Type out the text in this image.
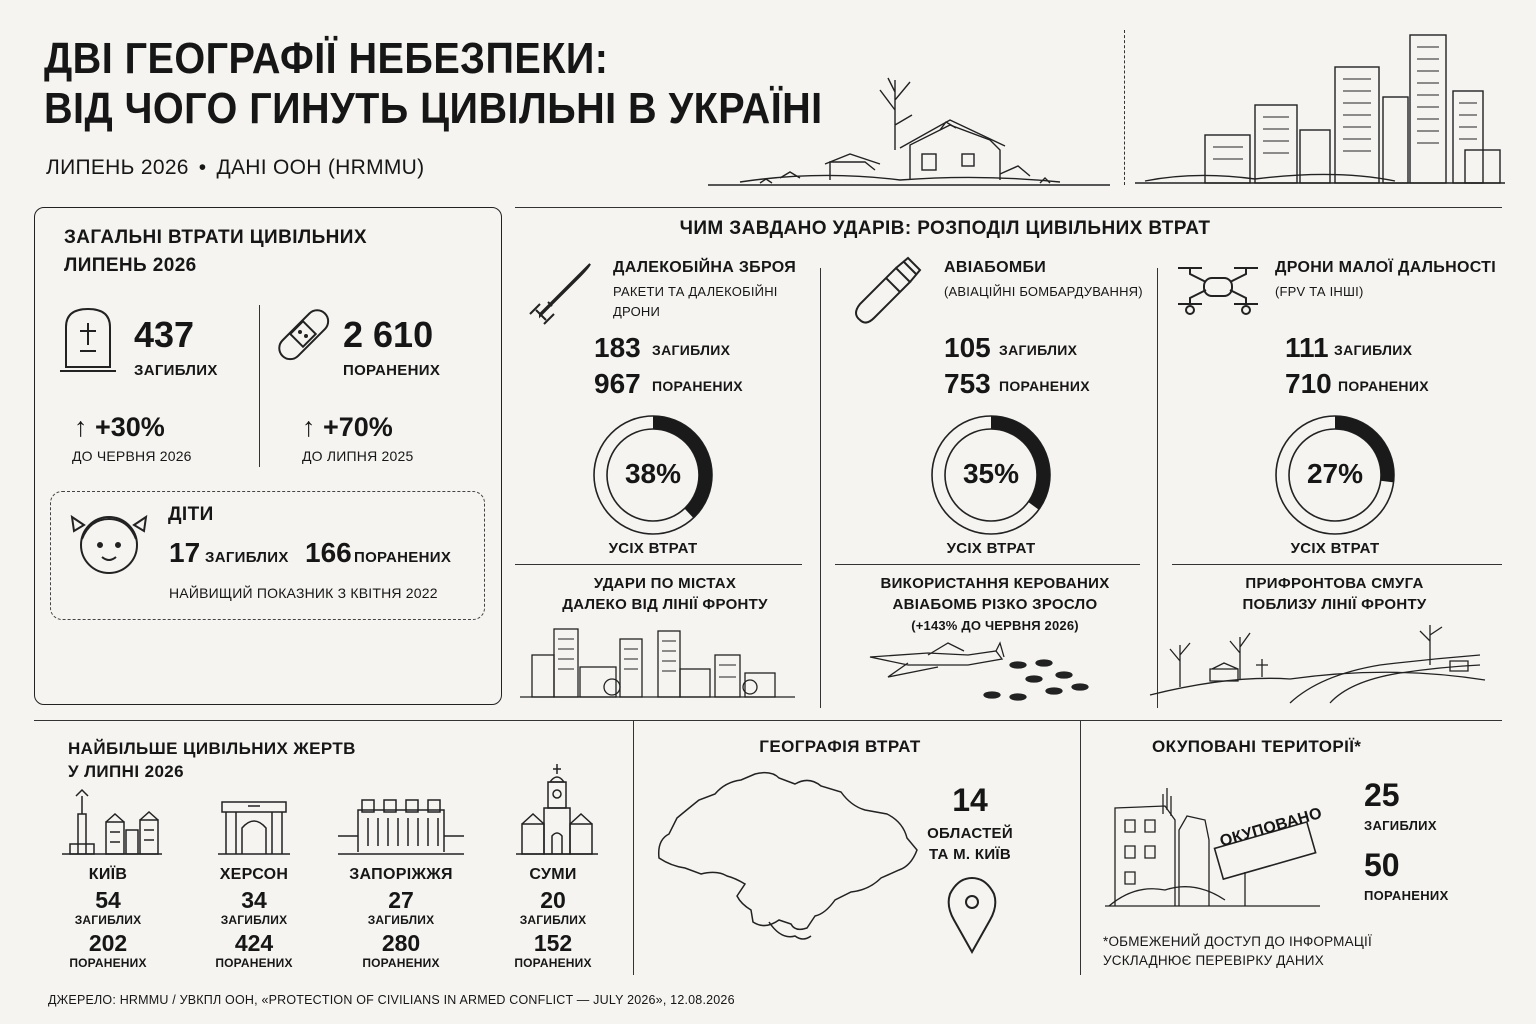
ДВІ ГЕОГРАФІЇ НЕБЕЗПЕКИ:
ВІД ЧОГО ГИНУТЬ ЦИВІЛЬНІ В УКРАЇНІ
ЛИПЕНЬ 2026 • ДАНІ ООН (HRMMU)
ЗАГАЛЬНІ ВТРАТИ ЦИВІЛЬНИХ
ЛИПЕНЬ 2026
437
ЗАГИБЛИХ
2 610
ПОРАНЕНИХ
↑ +30%
ДО ЧЕРВНЯ 2026
↑ +70%
ДО ЛИПНЯ 2025
ДІТИ
17 ЗАГИБЛИХ 166 ПОРАНЕНИХ
НАЙВИЩИЙ ПОКАЗНИК З КВІТНЯ 2022
ЧИМ ЗАВДАНО УДАРІВ: РОЗПОДІЛ ЦИВІЛЬНИХ ВТРАТ
ДАЛЕКОБІЙНА ЗБРОЯ
РАКЕТИ ТА ДАЛЕКОБІЙНІ
ДРОНИ
183 ЗАГИБЛИХ
967 ПОРАНЕНИХ
38%
УСІХ ВТРАТ
УДАРИ ПО МІСТАХ
ДАЛЕКО ВІД ЛІНІЇ ФРОНТУ
АВІАБОМБИ
(АВІАЦІЙНІ БОМБАРДУВАННЯ)
105 ЗАГИБЛИХ
753 ПОРАНЕНИХ
35%
УСІХ ВТРАТ
ВИКОРИСТАННЯ КЕРОВАНИХ
АВІАБОМБ РІЗКО ЗРОСЛО
(+143% ДО ЧЕРВНЯ 2026)
ДРОНИ МАЛОЇ ДАЛЬНОСТІ
(FPV ТА ІНШІ)
111 ЗАГИБЛИХ
710 ПОРАНЕНИХ
27%
УСІХ ВТРАТ
ПРИФРОНТОВА СМУГА
ПОБЛИЗУ ЛІНІЇ ФРОНТУ
НАЙБІЛЬШЕ ЦИВІЛЬНИХ ЖЕРТВ
У ЛИПНІ 2026
КИЇВ
54
ЗАГИБЛИХ
202
ПОРАНЕНИХ
ХЕРСОН
34
ЗАГИБЛИХ
424
ПОРАНЕНИХ
ЗАПОРІЖЖЯ
27
ЗАГИБЛИХ
280
ПОРАНЕНИХ
СУМИ
20
ЗАГИБЛИХ
152
ПОРАНЕНИХ
ГЕОГРАФІЯ ВТРАТ
14
ОБЛАСТЕЙ
ТА М. КИЇВ
ОКУПОВАНІ ТЕРИТОРІЇ*
ОКУПОВАНО
25
ЗАГИБЛИХ
50
ПОРАНЕНИХ
*ОБМЕЖЕНИЙ ДОСТУП ДО ІНФОРМАЦІЇ
УСКЛАДНЮЄ ПЕРЕВІРКУ ДАНИХ
ДЖЕРЕЛО: HRMMU / УВКПЛ ООН, «PROTECTION OF CIVILIANS IN ARMED CONFLICT — JULY 2026», 12.08.2026
